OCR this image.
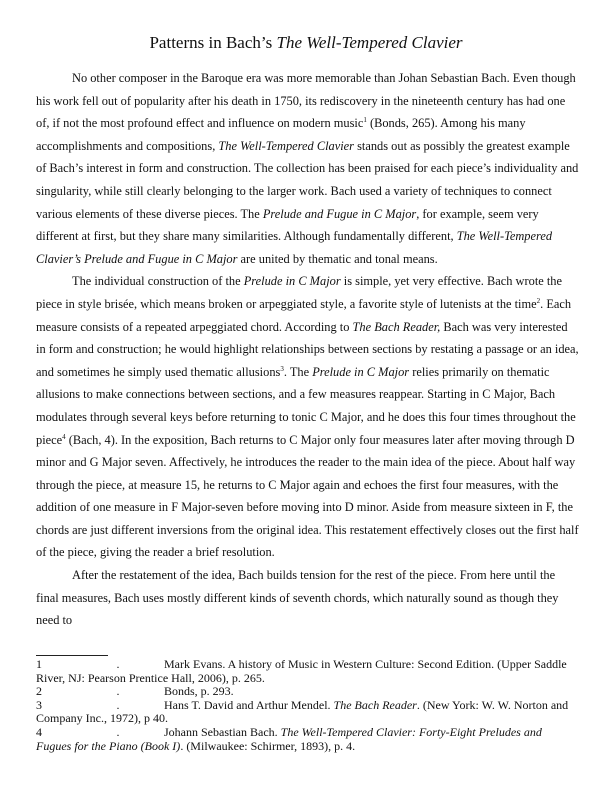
Patterns in Bach’s The Well-Tempered Clavier

No other composer in the Baroque era was more memorable than Johan Sebastian Bach. Even though his work fell out of popularity after his death in 1750, its rediscovery in the nineteenth century has had one of, if not the most profound effect and influence on modern music$^1$ (Bonds, 265). Among his many accomplishments and compositions, The Well-Tempered Clavier stands out as possibly the greatest example of Bach’s interest in form and construction. The collection has been praised for each piece’s individuality and singularity, while still clearly belonging to the larger work. Bach used a variety of techniques to connect various elements of these diverse pieces. The Prelude and Fugue in C Major, for example, seem very different at first, but they share many similarities. Although fundamentally different, The Well-Tempered Clavier’s Prelude and Fugue in C Major are united by thematic and tonal means.

The individual construction of the Prelude in C Major is simple, yet very effective. Bach wrote the piece in style brisée, which means broken or arpeggiated style, a favorite style of lutenists at the time$^2$. Each measure consists of a repeated arpeggiated chord. According to The Bach Reader, Bach was very interested in form and construction; he would highlight relationships between sections by restating a passage or an idea, and sometimes he simply used thematic allusions$^3$. The Prelude in C Major relies primarily on thematic allusions to make connections between sections, and a few measures reappear. Starting in C Major, Bach modulates through several keys before returning to tonic C Major, and he does this four times throughout the piece$^4$ (Bach, 4). In the exposition, Bach returns to C Major only four measures later after moving through D minor and G Major seven. Affectively, he introduces the reader to the main idea of the piece. About half way through the piece, at measure 15, he returns to C Major again and echoes the first four measures, with the addition of one measure in F Major-seven before moving into D minor. Aside from measure sixteen in F, the chords are just different inversions from the original idea. This restatement effectively closes out the first half of the piece, giving the reader a brief resolution.

After the restatement of the idea, Bach builds tension for the rest of the piece. From here until the final measures, Bach uses mostly different kinds of seventh chords, which naturally sound as though they need to

1	.	Mark Evans. A history of Music in Western Culture: Second Edition. (Upper Saddle River, NJ: Pearson Prentice Hall, 2006), p. 265.

2	.	Bonds, p. 293.

3	.	Hans T. David and Arthur Mendel. The Bach Reader. (New York: W. W. Norton and Company Inc., 1972), p 40.

4	.	Johann Sebastian Bach. The Well-Tempered Clavier: Forty-Eight Preludes and Fugues for the Piano (Book I). (Milwaukee: Schirmer, 1893), p. 4.
